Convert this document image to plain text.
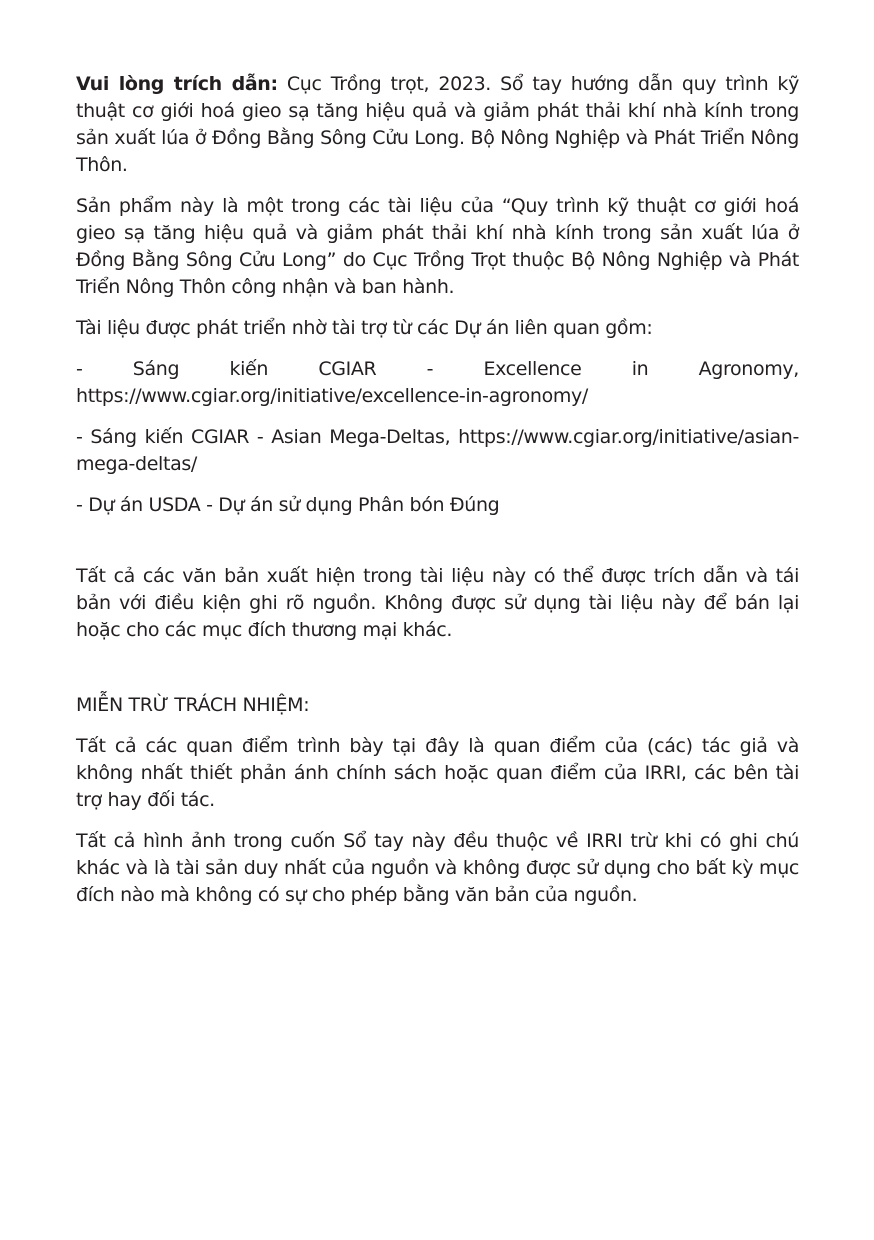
Vui lòng trích dẫn: Cục Trồng trọt, 2023. Sổ tay hướng dẫn quy trình kỹ thuật cơ giới hoá gieo sạ tăng hiệu quả và giảm phát thải khí nhà kính trong sản xuất lúa ở Đồng Bằng Sông Cửu Long. Bộ Nông Nghiệp và Phát Triển Nông Thôn.

Sản phẩm này là một trong các tài liệu của “Quy trình kỹ thuật cơ giới hoá gieo sạ tăng hiệu quả và giảm phát thải khí nhà kính trong sản xuất lúa ở Đồng Bằng Sông Cửu Long” do Cục Trồng Trọt thuộc Bộ Nông Nghiệp và Phát Triển Nông Thôn công nhận và ban hành.

Tài liệu được phát triển nhờ tài trợ từ các Dự án liên quan gồm:

- Sáng kiến CGIAR - Excellence in Agronomy, https://www.cgiar.org/initiative/excellence-in-agronomy/

- Sáng kiến CGIAR - Asian Mega-Deltas, https://www.cgiar.org/initiative/asian-mega-deltas/

- Dự án USDA - Dự án sử dụng Phân bón Đúng

Tất cả các văn bản xuất hiện trong tài liệu này có thể được trích dẫn và tái bản với điều kiện ghi rõ nguồn. Không được sử dụng tài liệu này để bán lại hoặc cho các mục đích thương mại khác.

MIỄN TRỪ TRÁCH NHIỆM:

Tất cả các quan điểm trình bày tại đây là quan điểm của (các) tác giả và không nhất thiết phản ánh chính sách hoặc quan điểm của IRRI, các bên tài trợ hay đối tác.

Tất cả hình ảnh trong cuốn Sổ tay này đều thuộc về IRRI trừ khi có ghi chú khác và là tài sản duy nhất của nguồn và không được sử dụng cho bất kỳ mục đích nào mà không có sự cho phép bằng văn bản của nguồn.
